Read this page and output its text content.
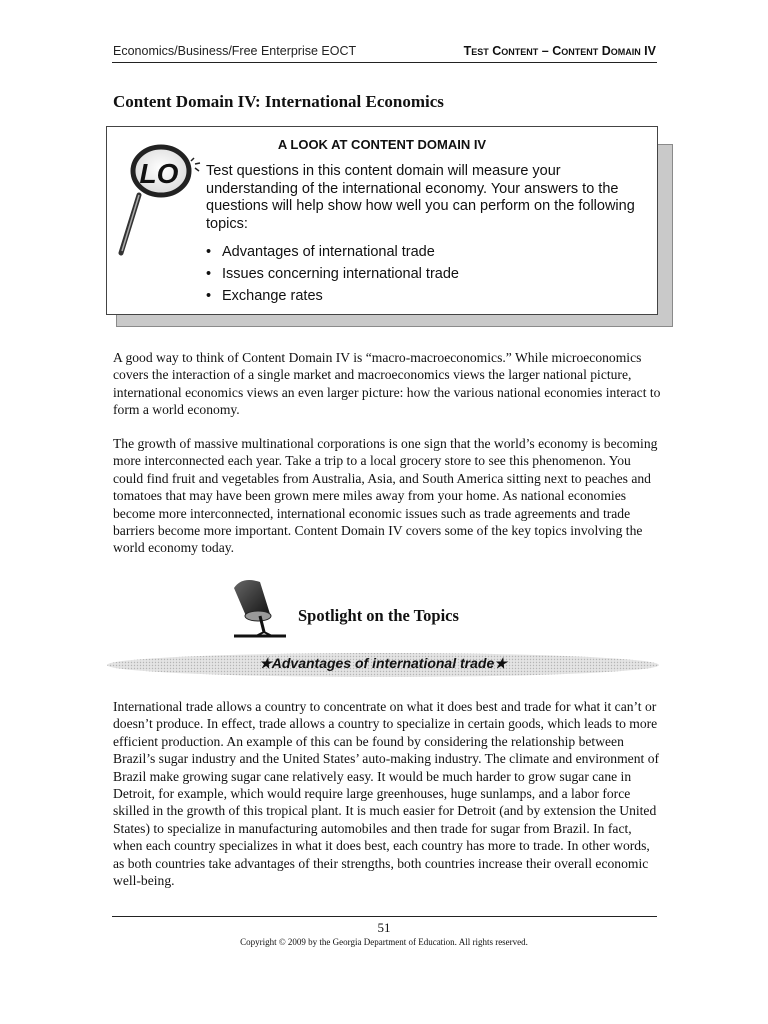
Economics/Business/Free Enterprise EOCT	Test Content – Content Domain IV
Content Domain IV: International Economics
A LOOK AT CONTENT DOMAIN IV
LO Test questions in this content domain will measure your understanding of the international economy. Your answers to the questions will help show how well you can perform on the following topics:
• Advantages of international trade
• Issues concerning international trade
• Exchange rates

A good way to think of Content Domain IV is “macro-macroeconomics.” While microeconomics covers the interaction of a single market and macroeconomics views the larger national picture, international economics views an even larger picture: how the various national economies interact to form a world economy.

The growth of massive multinational corporations is one sign that the world’s economy is becoming more interconnected each year. Take a trip to a local grocery store to see this phenomenon. You could find fruit and vegetables from Australia, Asia, and South America sitting next to peaches and tomatoes that may have been grown mere miles away from your home. As national economies become more interconnected, international economic issues such as trade agreements and trade barriers become more important. Content Domain IV covers some of the key topics involving the world economy today.

Spotlight on the Topics
★Advantages of international trade★

International trade allows a country to concentrate on what it does best and trade for what it can’t or doesn’t produce. In effect, trade allows a country to specialize in certain goods, which leads to more efficient production. An example of this can be found by considering the relationship between Brazil’s sugar industry and the United States’ auto-making industry. The climate and environment of Brazil make growing sugar cane relatively easy. It would be much harder to grow sugar cane in Detroit, for example, which would require large greenhouses, huge sunlamps, and a labor force skilled in the growth of this tropical plant. It is much easier for Detroit (and by extension the United States) to specialize in manufacturing automobiles and then trade for sugar from Brazil. In fact, when each country specializes in what it does best, each country has more to trade. In other words, as both countries take advantages of their strengths, both countries increase their overall economic well-being.

51
Copyright © 2009 by the Georgia Department of Education. All rights reserved.
